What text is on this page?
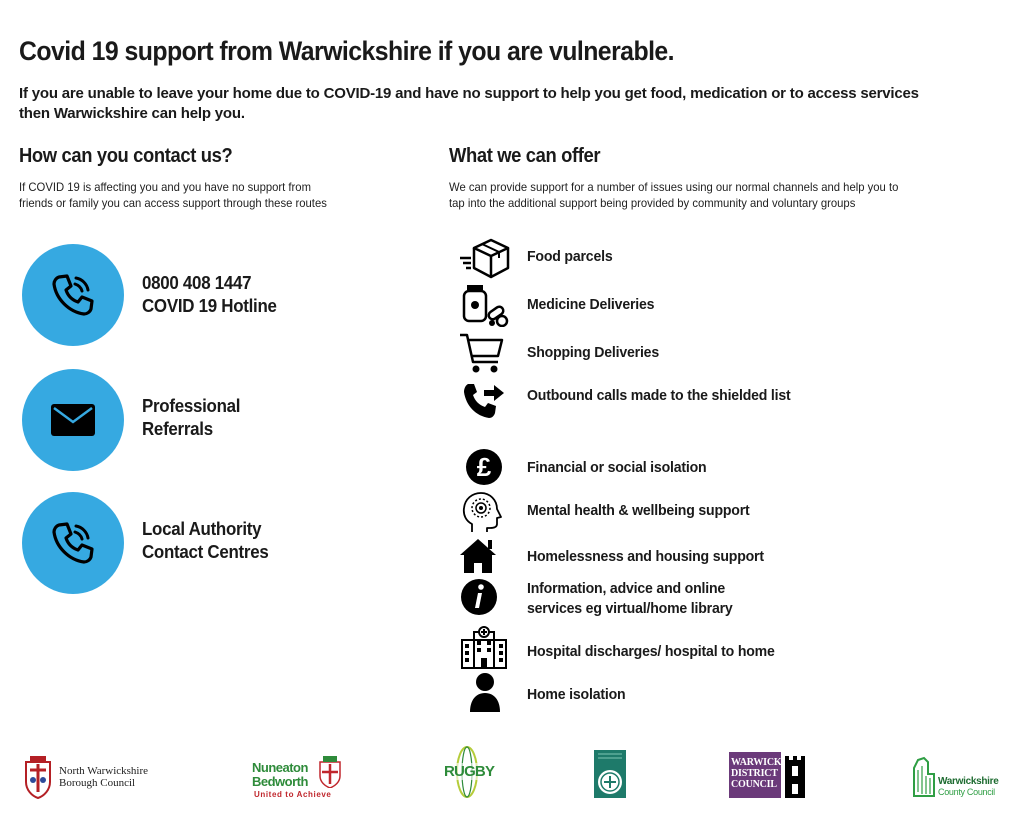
Covid 19 support from Warwickshire if you are vulnerable.

If you are unable to leave your home due to COVID-19 and have no support to help you get food, medication or to access services then Warwickshire can help you.

How can you contact us?
If COVID 19 is affecting you and you have no support from
friends or family you can access support through these routes
0800 408 1447
COVID 19 Hotline
Professional
Referrals
Local Authority
Contact Centres
What we can offer
We can provide support for a number of issues using our normal channels and help you to
tap into the additional support being provided by community and voluntary groups
Food parcels
Medicine Deliveries
Shopping Deliveries
Outbound calls made to the shielded list
£ Financial or social isolation
Mental health & wellbeing support
Homelessness and housing support
Information, advice and online
services eg virtual/home library
Hospital discharges/ hospital to home
Home isolation
North Warwickshire
Borough Council
Nuneaton
Bedworth
United to Achieve
RUGBY
WARWICK
DISTRICT
COUNCIL	Warwickshire
County Council
